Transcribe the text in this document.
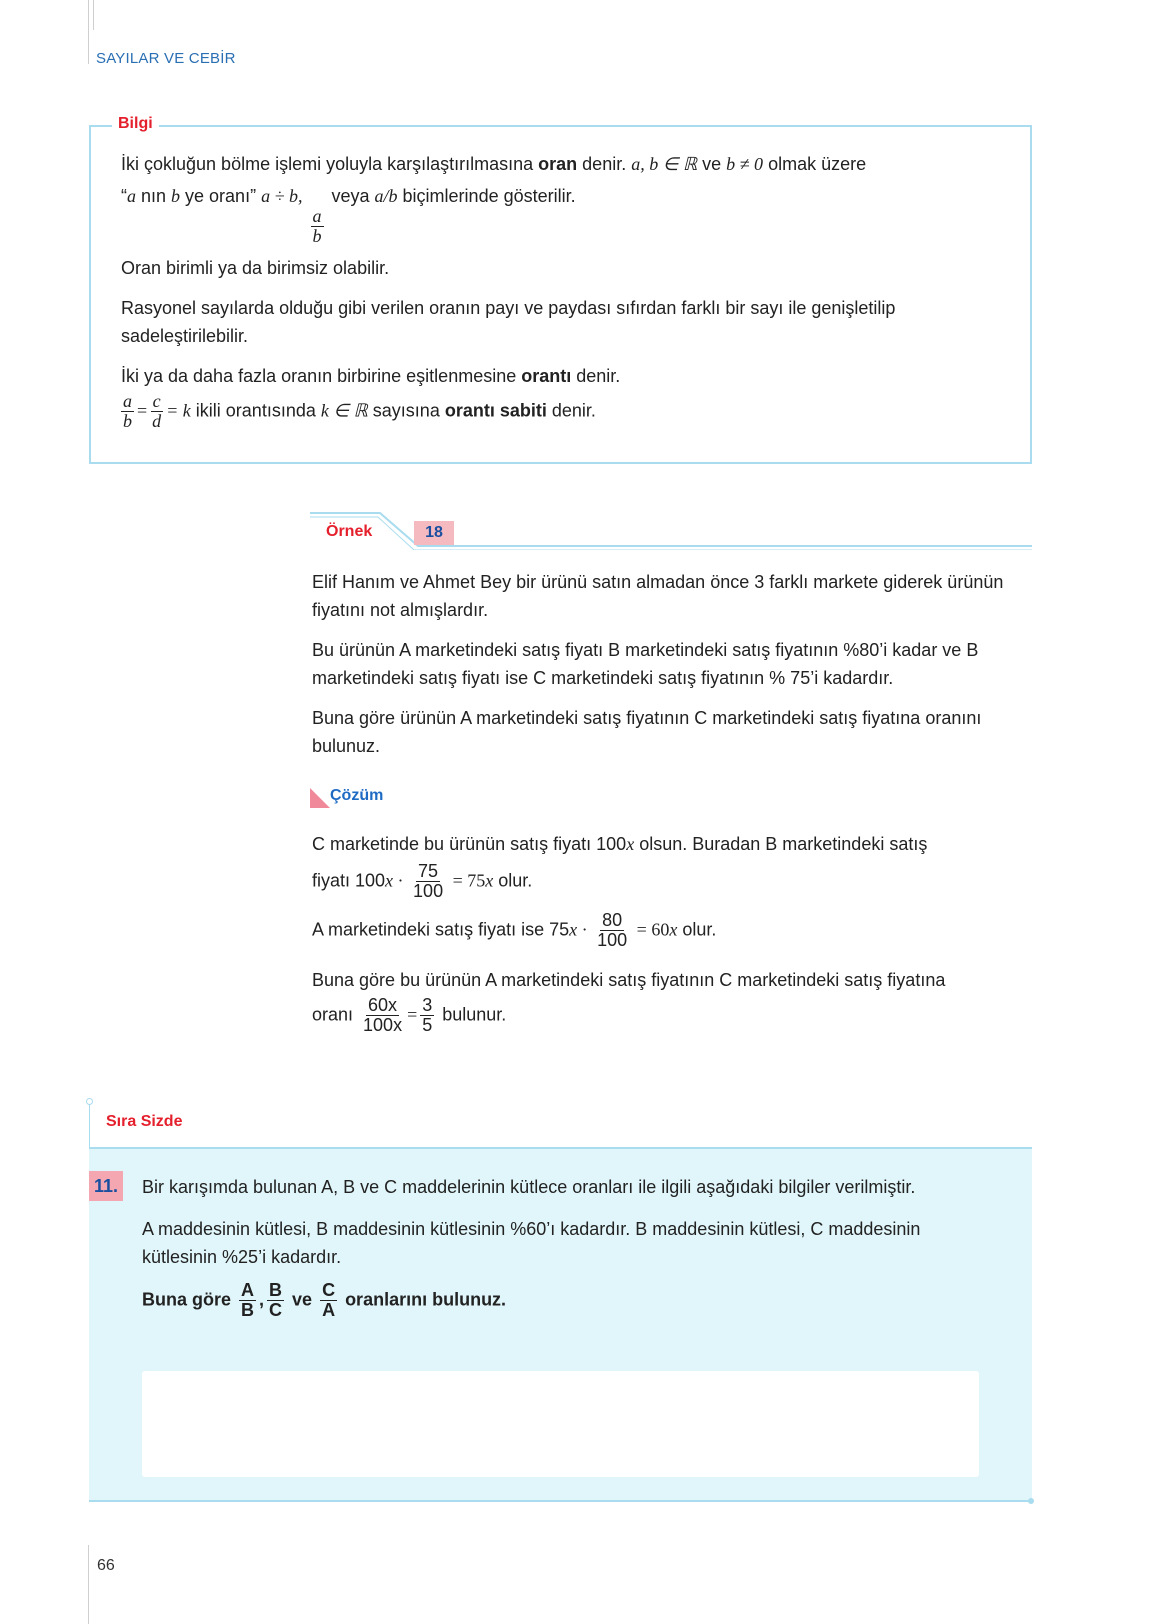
SAYILAR VE CEBİR
Bilgi

İki çokluğun bölme işlemi yoluyla karşılaştırılmasına oran denir. a, b ∈ ℝ ve b ≠ 0 olmak üzere

“a nın b ye oranı” a ÷ b,
$\frac{a}{b}$
veya a/b biçimlerinde gösterilir.

Oran birimli ya da birimsiz olabilir.

Rasyonel sayılarda olduğu gibi verilen oranın payı ve paydası sıfırdan farklı bir sayı ile genişletilip sadeleştirilebilir.

İki ya da daha fazla oranın birbirine eşitlenmesine orantı denir.

$\frac{a}{b} = \frac{c}{d} = k$ ikili orantısında k ∈ ℝ sayısına orantı sabiti denir.

Örnek	18

Elif Hanım ve Ahmet Bey bir ürünü satın almadan önce 3 farklı markete giderek ürünün fiyatını not almışlardır.

Bu ürünün A marketindeki satış fiyatı B marketindeki satış fiyatının %80’i kadar ve B marketindeki satış fiyatı ise C marketindeki satış fiyatının % 75’i kadardır.

Buna göre ürünün A marketindeki satış fiyatının C marketindeki satış fiyatına oranını bulunuz.

Çözüm

C marketinde bu ürünün satış fiyatı 100x olsun. Buradan B marketindeki satış

fiyatı $100x \cdot \frac{75}{100} = 75x$ olur.

A marketindeki satış fiyatı ise $75x \cdot \frac{80}{100} = 60x$ olur.

Buna göre bu ürünün A marketindeki satış fiyatının C marketindeki satış fiyatına

oranı $\frac{60x}{100x} = \frac{3}{5}$ bulunur.

Sıra Sizde
11. Bir karışımda bulunan A, B ve C maddelerinin kütlece oranları ile ilgili aşağıdaki bilgiler verilmiştir.

A maddesinin kütlesi, B maddesinin kütlesinin %60’ı kadardır. B maddesinin kütlesi, C maddesinin kütlesinin %25’i kadardır.

Buna göre $\frac{A}{B}$ , $\frac{B}{C}$ ve $\frac{C}{A}$ oranlarını bulunuz.

66
